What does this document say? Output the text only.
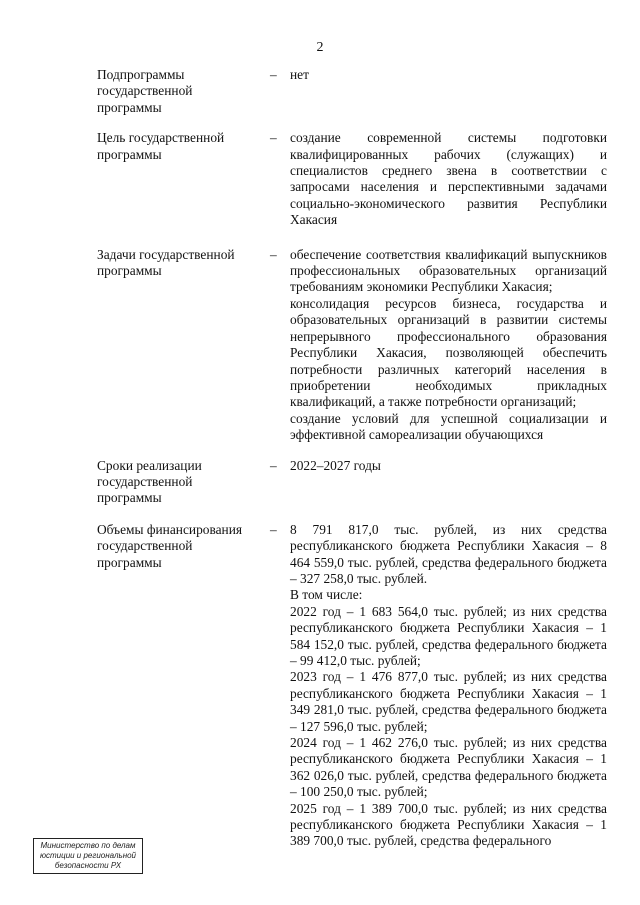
2
Подпрограммы
государственной
программы
– нет
Цель государственной
программы
– создание современной системы подготовки квалифицированных рабочих (служащих) и специалистов среднего звена в соответствии с запросами населения и перспективными задачами социально-экономического развития Республики Хакасия
Задачи государственной
программы
– обеспечение соответствия квалификаций выпускников профессиональных образовательных организаций требованиям экономики Республики Хакасия;
консолидация ресурсов бизнеса, государства и образовательных организаций в развитии системы непрерывного профессионального образования Республики Хакасия, позволяющей обеспечить потребности различных категорий населения в приобретении необходимых прикладных квалификаций, а также потребности организаций;
создание условий для успешной социализации и эффективной самореализации обучающихся
Сроки реализации
государственной
программы
– 2022–2027 годы
Объемы финансирования
государственной
программы
– 8 791 817,0 тыс. рублей, из них средства республиканского бюджета Республики Хакасия – 8 464 559,0 тыс. рублей, средства федерального бюджета – 327 258,0 тыс. рублей.
В том числе:
2022 год – 1 683 564,0 тыс. рублей; из них средства республиканского бюджета Республики Хакасия – 1 584 152,0 тыс. рублей, средства федерального бюджета – 99 412,0 тыс. рублей;
2023 год – 1 476 877,0 тыс. рублей; из них средства республиканского бюджета Республики Хакасия – 1 349 281,0 тыс. рублей, средства федерального бюджета – 127 596,0 тыс. рублей;
2024 год – 1 462 276,0 тыс. рублей; из них средства республиканского бюджета Республики Хакасия – 1 362 026,0 тыс. рублей, средства федерального бюджета – 100 250,0 тыс. рублей;
2025 год – 1 389 700,0 тыс. рублей; из них средства республиканского бюджета Республики Хакасия – 1 389 700,0 тыс. рублей, средства федерального
Министерство по делам
юстиции и региональной
безопасности РХ
